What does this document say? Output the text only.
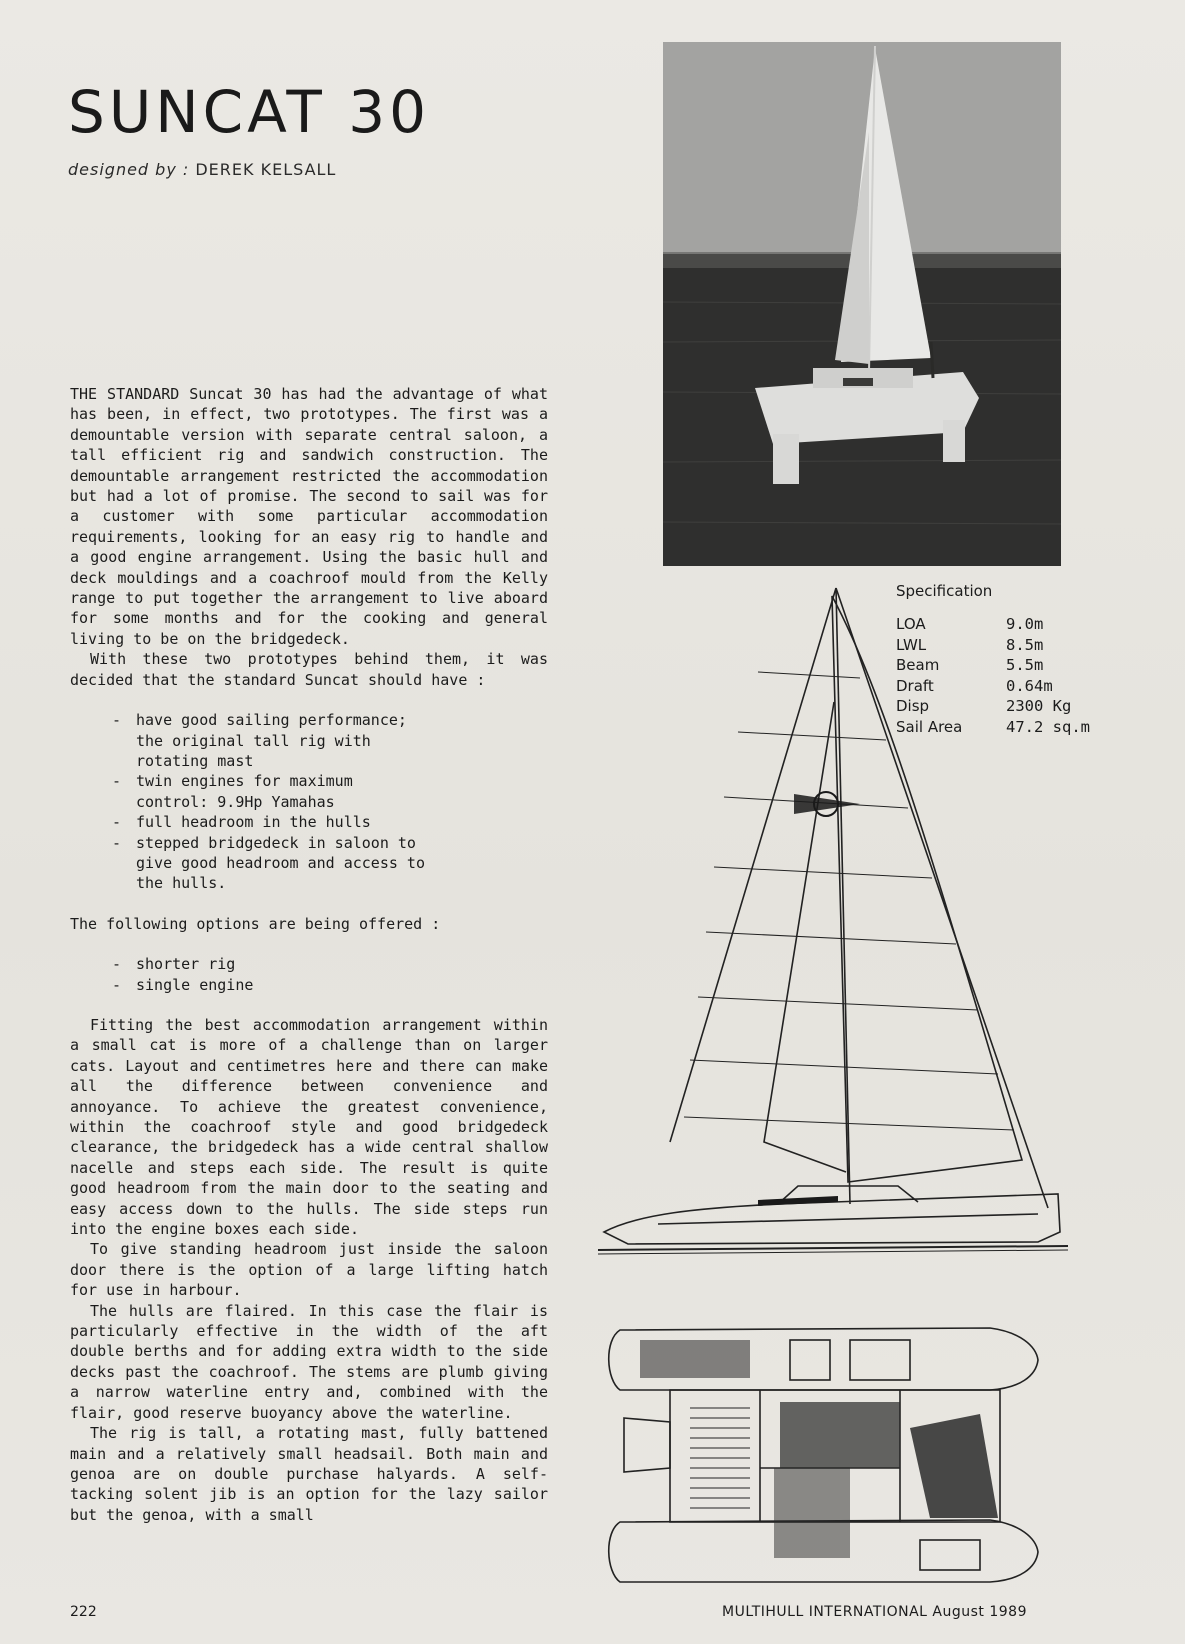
SUNCAT 30

designed by : DEREK KELSALL

Specification
LOA	9.0m
LWL	8.5m
Beam	5.5m
Draft	0.64m
Disp	2300 Kg
Sail Area	47.2 sq.m

THE STANDARD Suncat 30 has had the advantage of what has been, in effect, two prototypes. The first was a demountable version with separate central saloon, a tall efficient rig and sandwich construction. The demountable arrangement restricted the accommodation but had a lot of promise. The second to sail was for a customer with some particular accommodation requirements, looking for an easy rig to handle and a good engine arrangement. Using the basic hull and deck mouldings and a coachroof mould from the Kelly range to put together the arrangement to live aboard for some months and for the cooking and general living to be on the bridgedeck.

With these two prototypes behind them, it was decided that the standard Suncat should have :

- have good sailing performance; the original tall rig with rotating mast
- twin engines for maximum control: 9.9Hp Yamahas
- full headroom in the hulls
- stepped bridgedeck in saloon to give good headroom and access to the hulls.

The following options are being offered :

- shorter rig
- single engine

Fitting the best accommodation arrangement within a small cat is more of a challenge than on larger cats. Layout and centimetres here and there can make all the difference between convenience and annoyance. To achieve the greatest convenience, within the coachroof style and good bridgedeck clearance, the bridgedeck has a wide central shallow nacelle and steps each side. The result is quite good headroom from the main door to the seating and easy access down to the hulls. The side steps run into the engine boxes each side.

To give standing headroom just inside the saloon door there is the option of a large lifting hatch for use in harbour.

The hulls are flaired. In this case the flair is particularly effective in the width of the aft double berths and for adding extra width to the side decks past the coachroof. The stems are plumb giving a narrow waterline entry and, combined with the flair, good reserve buoyancy above the waterline.

The rig is tall, a rotating mast, fully battened main and a relatively small headsail. Both main and genoa are on double purchase halyards. A self-tacking solent jib is an option for the lazy sailor but the genoa, with a small

222	MULTIHULL INTERNATIONAL August 1989
